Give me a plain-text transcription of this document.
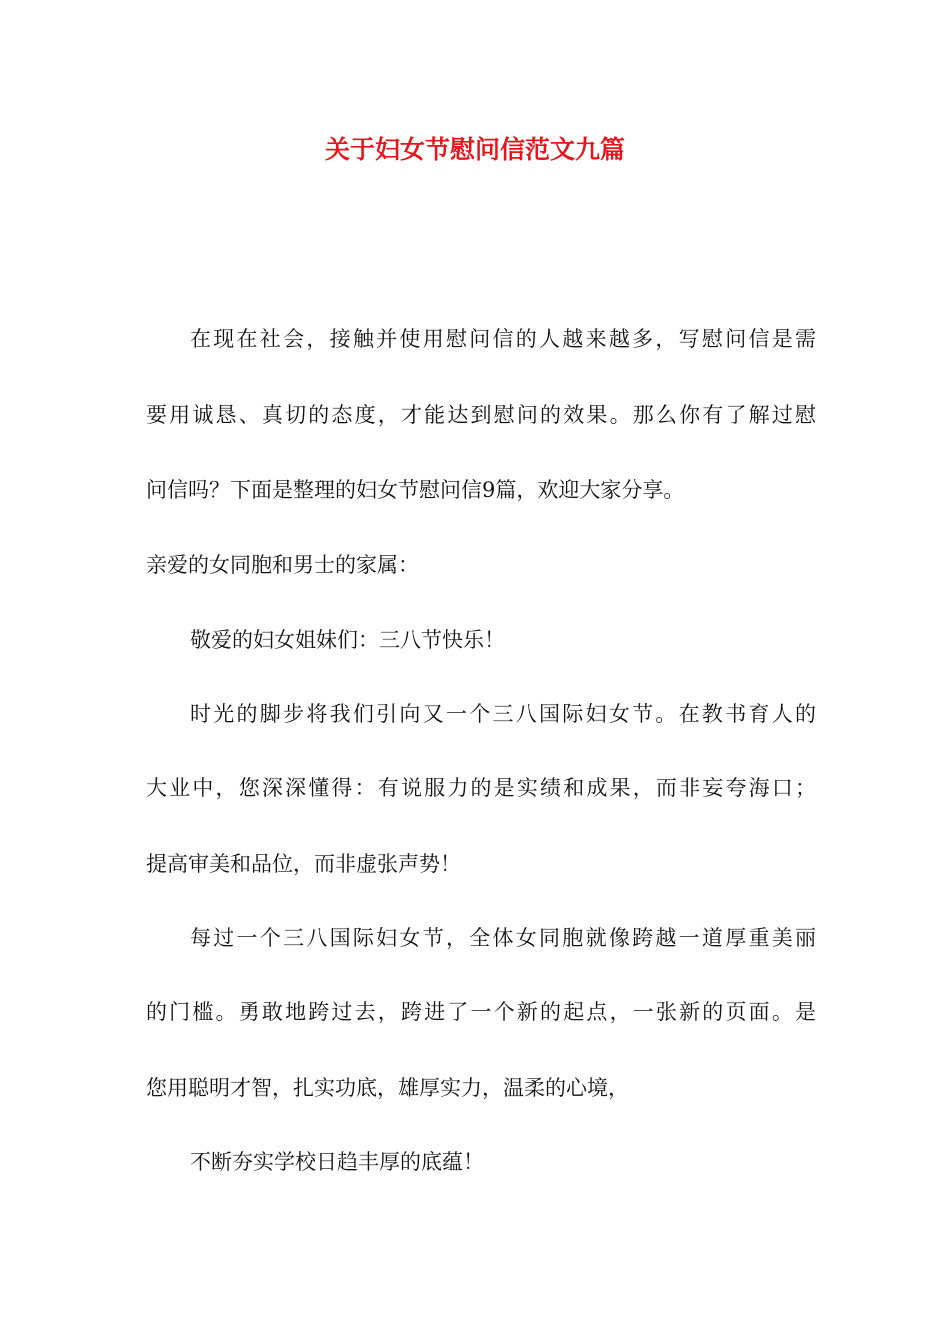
关于妇女节慰问信范文九篇
在现在社会，接触并使用慰问信的人越来越多，写慰问信是需
要用诚恳、真切的态度，才能达到慰问的效果。那么你有了解过慰
问信吗？下面是整理的妇女节慰问信9篇，欢迎大家分享。
亲爱的女同胞和男士的家属：
敬爱的妇女姐妹们：三八节快乐！
时光的脚步将我们引向又一个三八国际妇女节。在教书育人的
大业中，您深深懂得：有说服力的是实绩和成果，而非妄夸海口；
提高审美和品位，而非虚张声势！
每过一个三八国际妇女节，全体女同胞就像跨越一道厚重美丽
的门槛。勇敢地跨过去，跨进了一个新的起点，一张新的页面。是
您用聪明才智，扎实功底，雄厚实力，温柔的心境，
不断夯实学校日趋丰厚的底蕴！
